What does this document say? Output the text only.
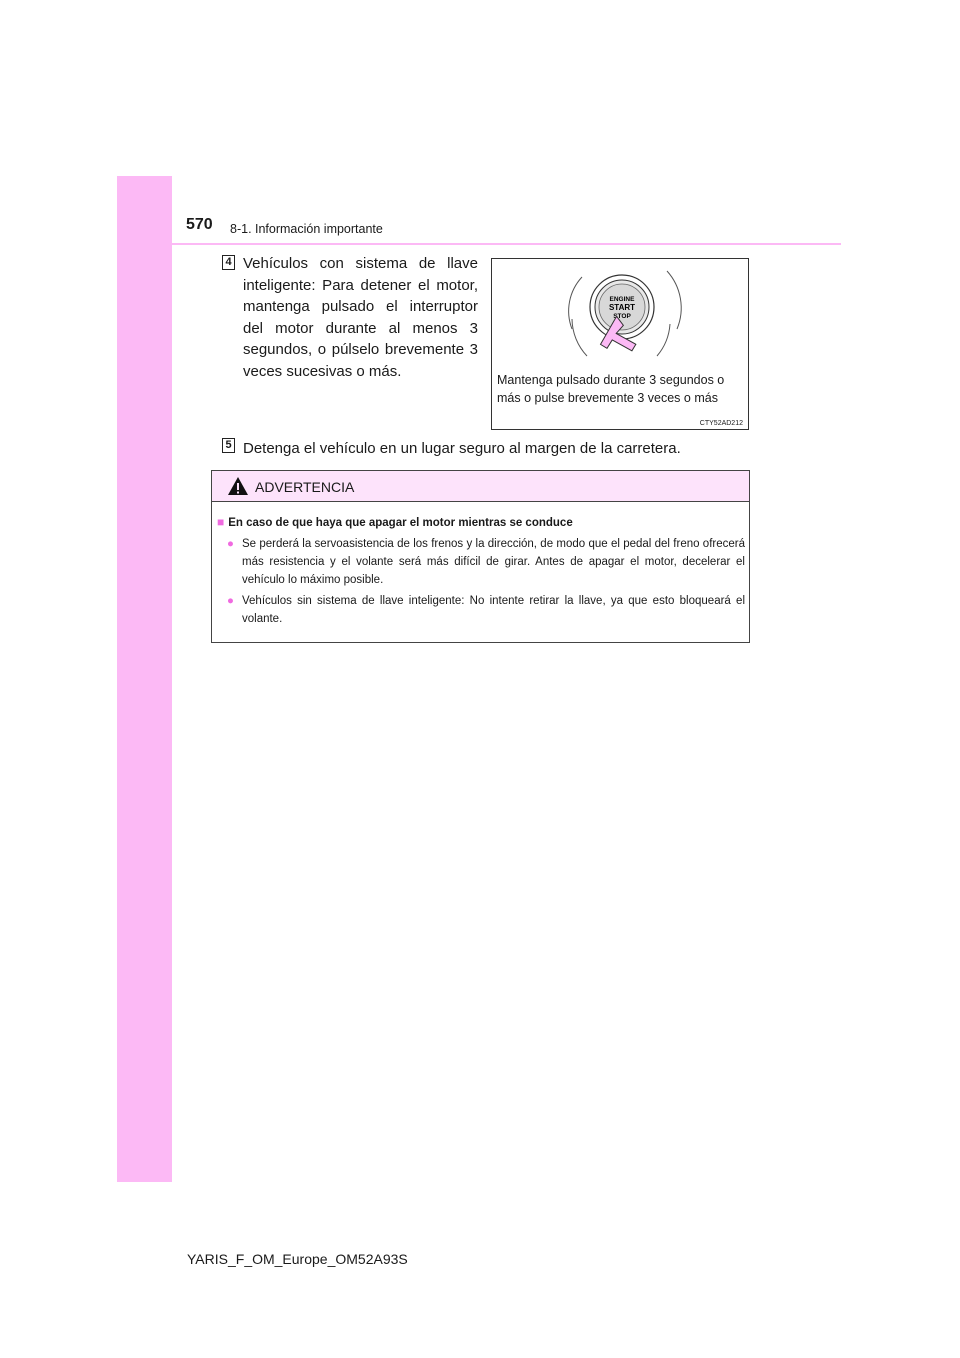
570 8-1. Información importante
4 Vehículos con sistema de llave inteligente: Para detener el motor, mantenga pulsado el interruptor del motor durante al menos 3 segundos, o púlselo brevemente 3 veces sucesivas o más.
ENGINE
START
STOP
Mantenga pulsado durante 3 segundos o más o pulse brevemente 3 veces o más
CTY52AD212
5 Detenga el vehículo en un lugar seguro al margen de la carretera.
ADVERTENCIA
■ En caso de que haya que apagar el motor mientras se conduce
● Se perderá la servoasistencia de los frenos y la dirección, de modo que el pedal del freno ofrecerá más resistencia y el volante será más difícil de girar. Antes de apagar el motor, decelerar el vehículo lo máximo posible.
● Vehículos sin sistema de llave inteligente: No intente retirar la llave, ya que esto bloqueará el volante.
YARIS_F_OM_Europe_OM52A93S
